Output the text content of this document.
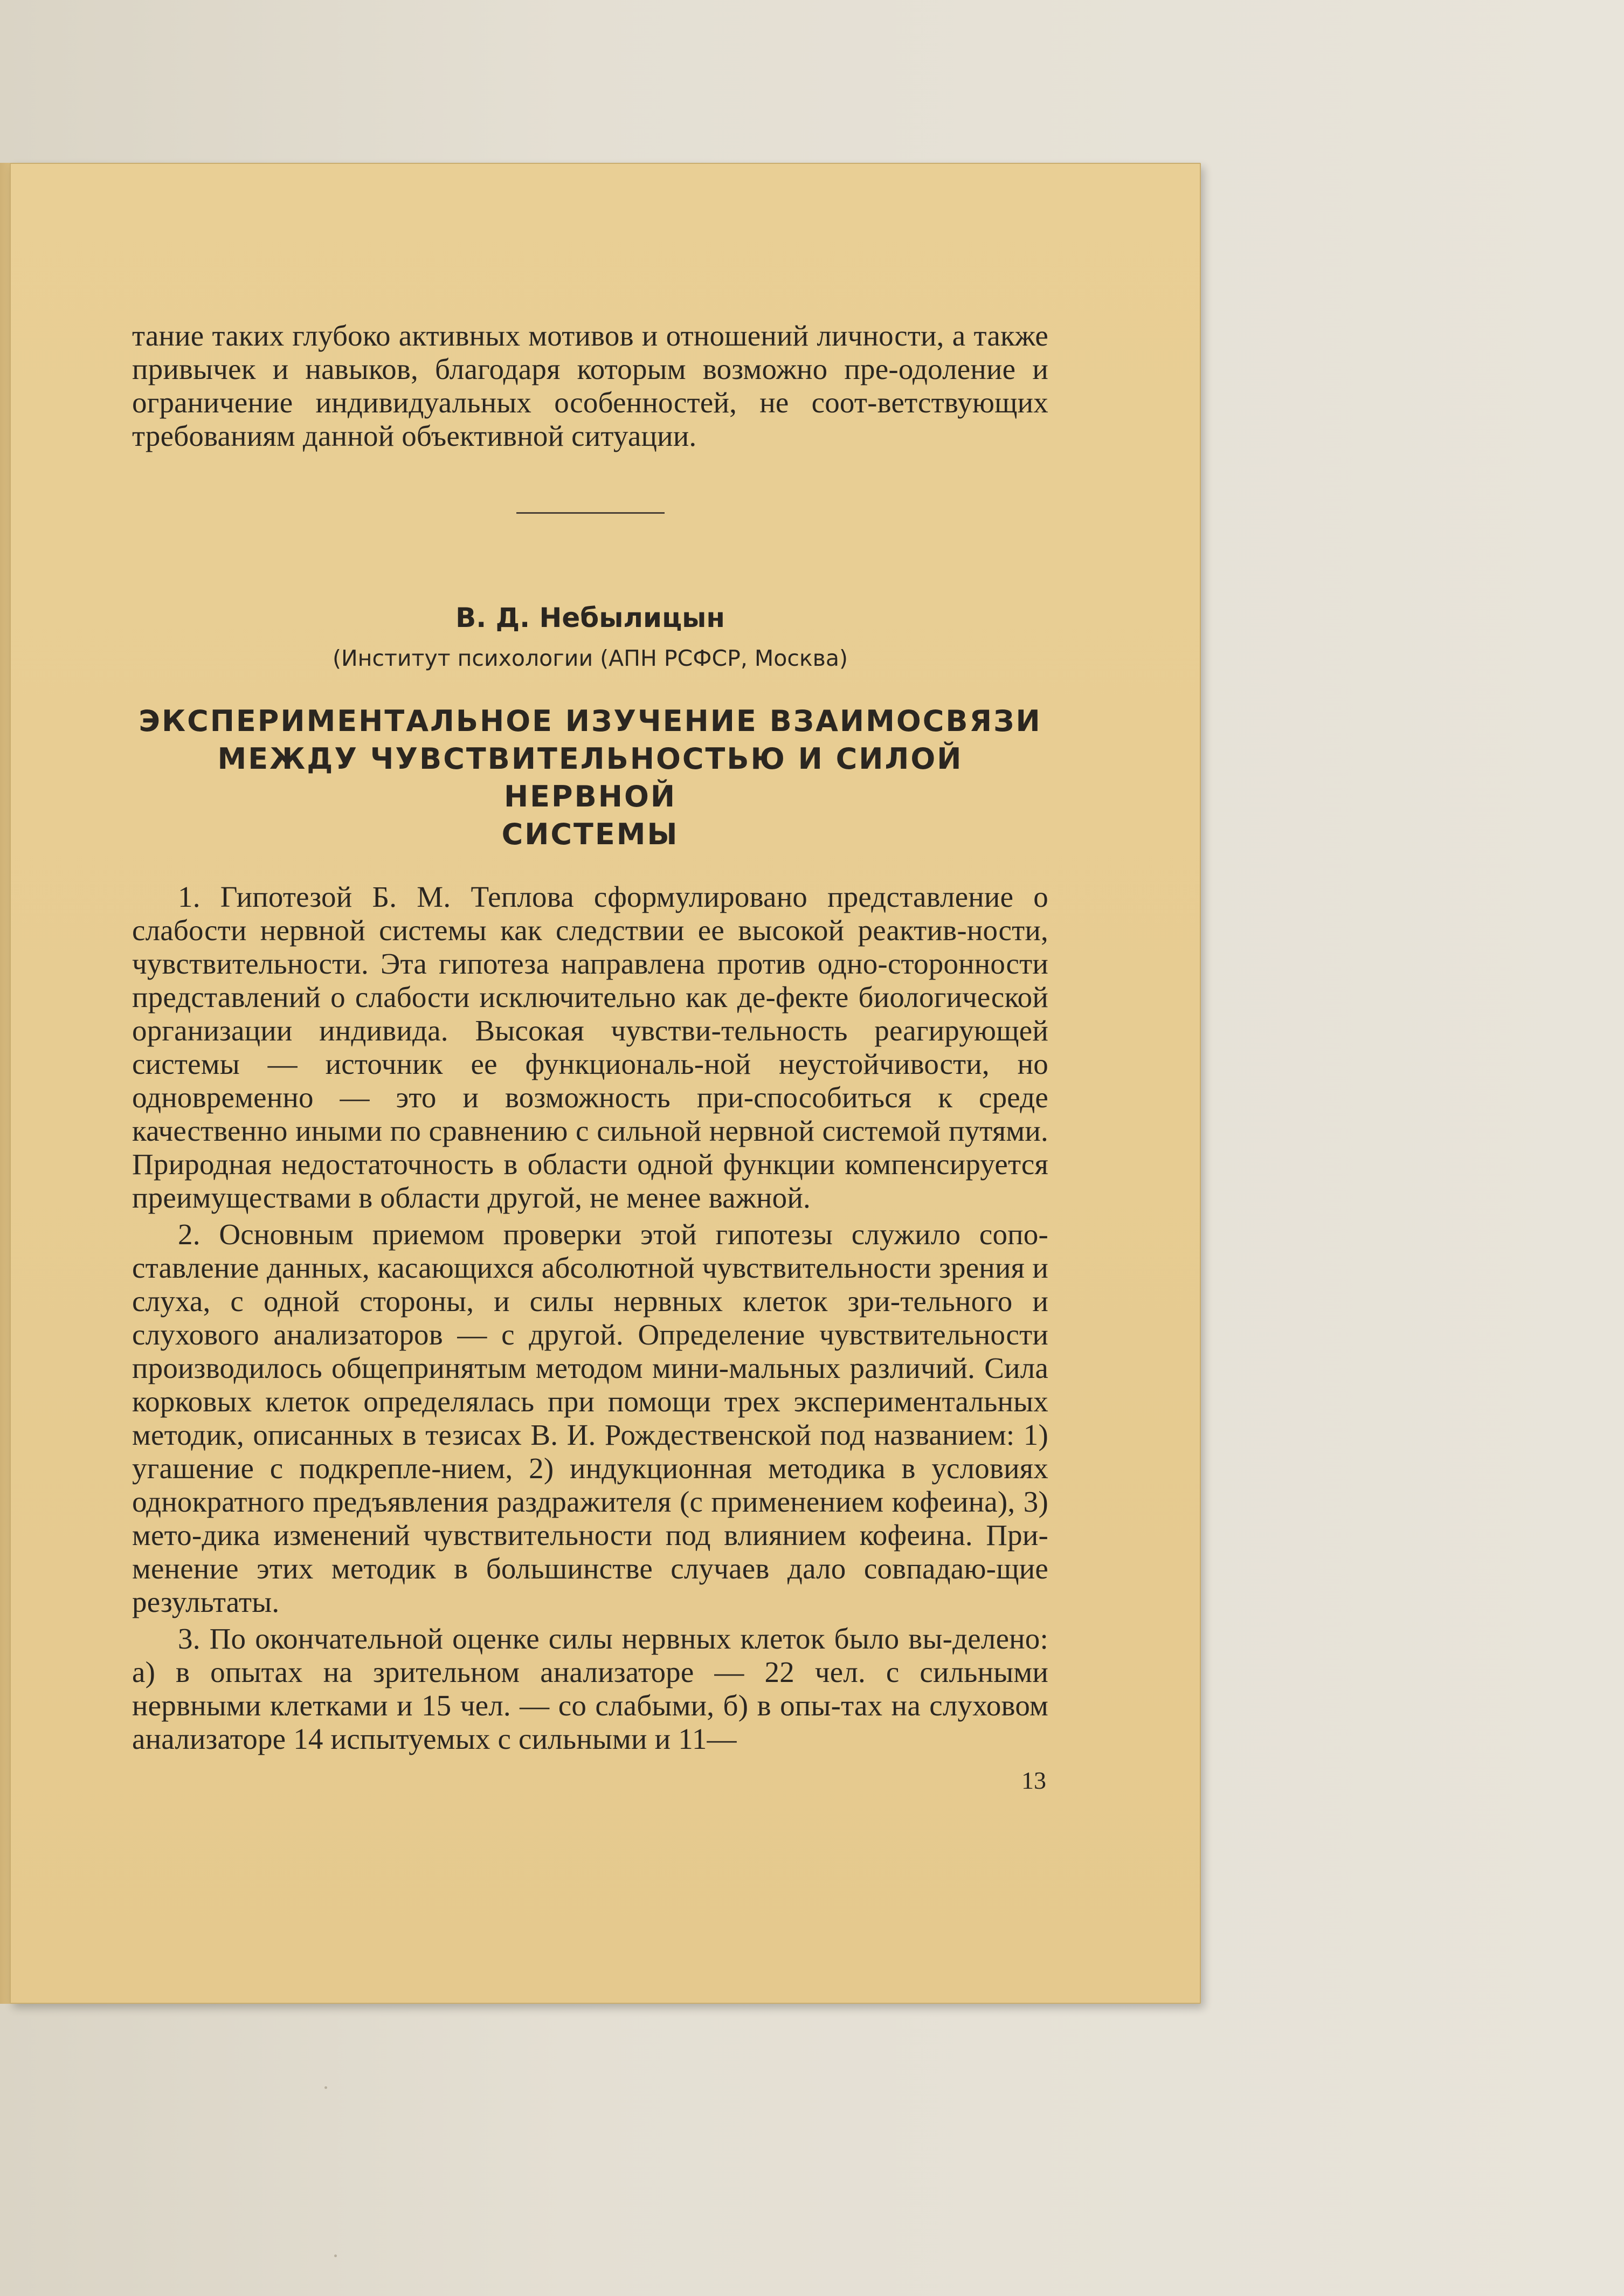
тание таких глубоко активных мотивов и отношений личности, а также привычек и навыков, благодаря которым возможно пре-одоление и ограничение индивидуальных особенностей, не соот-ветствующих требованиям данной объективной ситуации.

В. Д. Небылицын
(Институт психологии (АПН РСФСР, Москва)
ЭКСПЕРИМЕНТАЛЬНОЕ ИЗУЧЕНИЕ ВЗАИМОСВЯЗИ
МЕЖДУ ЧУВСТВИТЕЛЬНОСТЬЮ И СИЛОЙ НЕРВНОЙ
СИСТЕМЫ

1. Гипотезой Б. М. Теплова сформулировано представление о слабости нервной системы как следствии ее высокой реактив-ности, чувствительности. Эта гипотеза направлена против одно-сторонности представлений о слабости исключительно как де-фекте биологической организации индивида. Высокая чувстви-тельность реагирующей системы — источник ее функциональ-ной неустойчивости, но одновременно — это и возможность при-способиться к среде качественно иными по сравнению с сильной нервной системой путями. Природная недостаточность в области одной функции компенсируется преимуществами в области другой, не менее важной.

2. Основным приемом проверки этой гипотезы служило сопо-ставление данных, касающихся абсолютной чувствительности зрения и слуха, с одной стороны, и силы нервных клеток зри-тельного и слухового анализаторов — с другой. Определение чувствительности производилось общепринятым методом мини-мальных различий. Сила корковых клеток определялась при помощи трех экспериментальных методик, описанных в тезисах В. И. Рождественской под названием: 1) угашение с подкрепле-нием, 2) индукционная методика в условиях однократного предъявления раздражителя (с применением кофеина), 3) мето-дика изменений чувствительности под влиянием кофеина. При-менение этих методик в большинстве случаев дало совпадаю-щие результаты.

3. По окончательной оценке силы нервных клеток было вы-делено: а) в опытах на зрительном анализаторе — 22 чел. с сильными нервными клетками и 15 чел. — со слабыми, б) в опы-тах на слуховом анализаторе 14 испытуемых с сильными и 11—

13
